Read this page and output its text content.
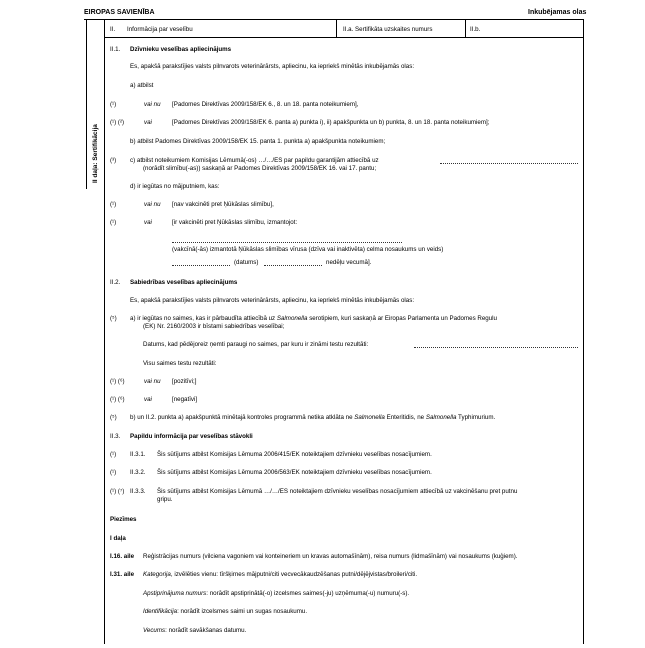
EIROPAS SAVIENĪBA	Inkubējamas olas
II daļa: Sertifikācija
II. Informācija par veselību	II.a. Sertifikāta uzskaites numurs	II.b.
II.1. Dzīvnieku veselības apliecinājums
Es, apakšā parakstījies valsts pilnvarots veterinārārsts, apliecinu, ka iepriekš minētās inkubējamās olas:
a) atbilst
(¹)	vai nu [Padomes Direktīvas 2009/158/EK 6., 8. un 18. panta noteikumiem],
(¹) (²)	vai	[Padomes Direktīvas 2009/158/EK 6. panta a) punkta i), ii) apakšpunkta un b) punkta, 8. un 18. panta noteikumiem];
b) atbilst Padomes Direktīvas 2009/158/EK 15. panta 1. punkta a) apakšpunkta noteikumiem;
(³) c) atbilst noteikumiem Komisijas Lēmumā(-os) …/…/ES par papildu garantijām attiecībā uz
(norādīt slimību(-as)) saskaņā ar Padomes Direktīvas 2009/158/EK 16. vai 17. pantu;
d) ir iegūtas no mājputniem, kas:
(¹)	vai nu [nav vakcinēti pret Ņūkāslas slimību],
(¹)	vai	[ir vakcinēti pret Ņūkāslas slimību, izmantojot:
(vakcīnā(-ās) izmantotā Ņūkāslas slimības vīrusa (dzīva vai inaktivēta) celma nosaukums un veids)
(datums)	nedēļu vecumā].
II.2. Sabiedrības veselības apliecinājums
Es, apakšā parakstījies valsts pilnvarots veterinārārsts, apliecinu, ka iepriekš minētās inkubējamās olas:
(⁵) a) ir iegūtas no saimes, kas ir pārbaudīta attiecībā uz Salmonella serotipiem, kuri saskaņā ar Eiropas Parlamenta un Padomes Regulu
(EK) Nr. 2160/2003 ir bīstami sabiedrības veselībai;
Datums, kad pēdējoreiz ņemti paraugi no saimes, par kuru ir zināmi testu rezultāti:
Visu saimes testu rezultāti:
(¹) (⁶)	vai nu [pozitīvi;]
(¹) (⁶)	vai	[negatīvi]
(⁵) b) un II.2. punkta a) apakšpunktā minētajā kontroles programmā netika atklāta ne Salmonella Enteritidis, ne Salmonella Typhimurium.
II.3. Papildu informācija par veselības stāvokli
(¹) II.3.1. Šis sūtījums atbilst Komisijas Lēmuma 2006/415/EK noteiktajiem dzīvnieku veselības nosacījumiem.
(¹) II.3.2. Šis sūtījums atbilst Komisijas Lēmuma 2006/563/EK noteiktajiem dzīvnieku veselības nosacījumiem.
(¹) (⁷) II.3.3. Šis sūtījums atbilst Komisijas Lēmumā …/…/ES noteiktajiem dzīvnieku veselības nosacījumiem attiecībā uz vakcinēšanu pret putnu
gripu.
Piezīmes
I daļa
I.16. aile Reģistrācijas numurs (vilciena vagoniem vai konteineriem un kravas automašīnām), reisa numurs (lidmašīnām) vai nosaukums (kuģiem).
I.31. aile Kategorija, izvēlēties vienu: tīršķirnes mājputni/citi vecvecākaudzēšanas putni/dējējvistas/broileri/citi.
Apstiprinājuma numurs: norādīt apstiprinātā(-o) izcelsmes saimes(-ju) uzņēmuma(-u) numuru(-s).
Identifikācija: norādīt izcelsmes saimi un sugas nosaukumu.
Vecums: norādīt savākšanas datumu.
